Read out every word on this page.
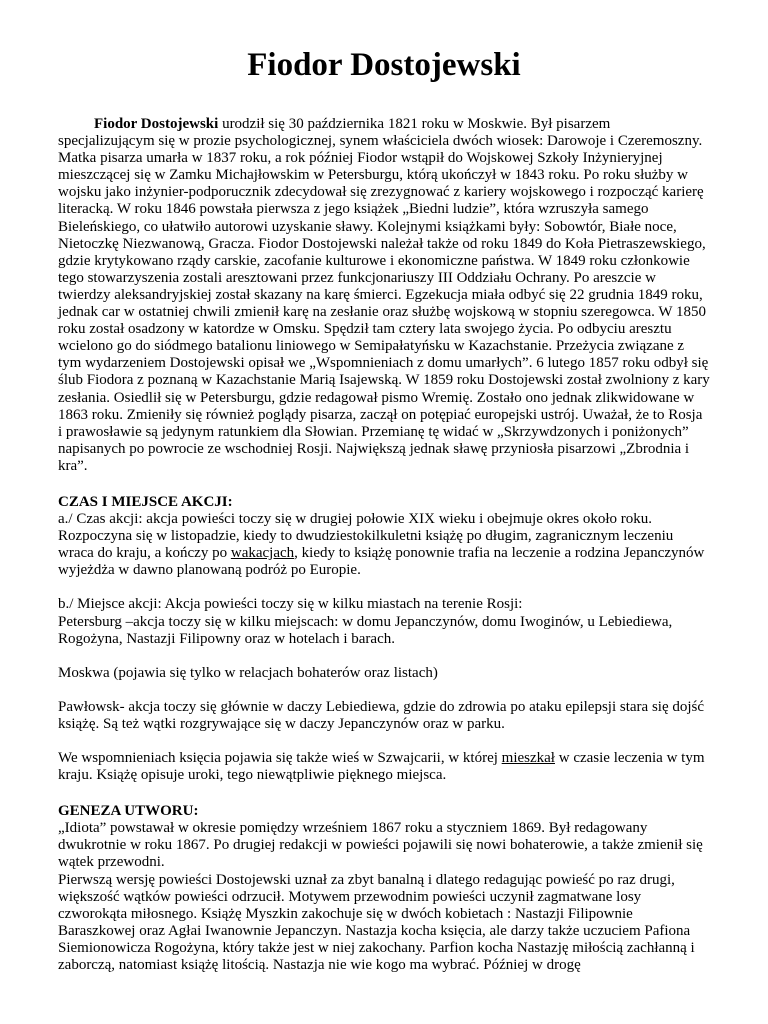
Fiodor Dostojewski

Fiodor Dostojewski urodził się 30 października 1821 roku w Moskwie. Był pisarzem specjalizującym się w prozie psychologicznej, synem właściciela dwóch wiosek: Darowoje i Czeremoszny. Matka pisarza umarła w 1837 roku, a rok później Fiodor wstąpił do Wojskowej Szkoły Inżynieryjnej mieszczącej się w Zamku Michajłowskim w Petersburgu, którą ukończył w 1843 roku. Po roku służby w wojsku jako inżynier-podporucznik zdecydował się zrezygnować z kariery wojskowego i rozpocząć karierę literacką. W roku 1846 powstała pierwsza z jego książek „Biedni ludzie”, która wzruszyła samego Bieleńskiego, co ułatwiło autorowi uzyskanie sławy. Kolejnymi książkami były: Sobowtór, Białe noce, Nietoczkę Niezwanową, Gracza. Fiodor Dostojewski należał także od roku 1849 do Koła Pietraszewskiego, gdzie krytykowano rządy carskie, zacofanie kulturowe i ekonomiczne państwa. W 1849 roku członkowie tego stowarzyszenia zostali aresztowani przez funkcjonariuszy III Oddziału Ochrany. Po areszcie w twierdzy aleksandryjskiej został skazany na karę śmierci. Egzekucja miała odbyć się 22 grudnia 1849 roku, jednak car w ostatniej chwili zmienił karę na zesłanie oraz służbę wojskową w stopniu szeregowca. W 1850 roku został osadzony w katordze w Omsku. Spędził tam cztery lata swojego życia. Po odbyciu aresztu wcielono go do siódmego batalionu liniowego w Semipałatyńsku w Kazachstanie. Przeżycia związane z tym wydarzeniem Dostojewski opisał we „Wspomnieniach z domu umarłych”. 6 lutego 1857 roku odbył się ślub Fiodora z poznaną w Kazachstanie Marią Isajewską. W 1859 roku Dostojewski został zwolniony z kary zesłania. Osiedlił się w Petersburgu, gdzie redagował pismo Wremię. Zostało ono jednak zlikwidowane w 1863 roku. Zmieniły się również poglądy pisarza, zaczął on potępiać europejski ustrój. Uważał, że to Rosja i prawosławie są jedynym ratunkiem dla Słowian. Przemianę tę widać w „Skrzywdzonych i poniżonych” napisanych po powrocie ze wschodniej Rosji. Największą jednak sławę przyniosła pisarzowi „Zbrodnia i kra”.

CZAS I MIEJSCE AKCJI:

a./ Czas akcji: akcja powieści toczy się w drugiej połowie XIX wieku i obejmuje okres około roku. Rozpoczyna się w listopadzie, kiedy to dwudziestokilkuletni książę po długim, zagranicznym leczeniu wraca do kraju, a kończy po wakacjach, kiedy to książę ponownie trafia na leczenie a rodzina Jepanczynów wyjeżdża w dawno planowaną podróż po Europie.

b./ Miejsce akcji: Akcja powieści toczy się w kilku miastach na terenie Rosji:

Petersburg –akcja toczy się w kilku miejscach: w domu Jepanczynów, domu Iwoginów, u Lebiediewa, Rogożyna, Nastazji Filipowny oraz w hotelach i barach.

Moskwa (pojawia się tylko w relacjach bohaterów oraz listach)

Pawłowsk- akcja toczy się głównie w daczy Lebiediewa, gdzie do zdrowia po ataku epilepsji stara się dojść książę. Są też wątki rozgrywające się w daczy Jepanczynów oraz w parku.

We wspomnieniach księcia pojawia się także wieś w Szwajcarii, w której mieszkał w czasie leczenia w tym kraju. Książę opisuje uroki, tego niewątpliwie pięknego miejsca.

GENEZA UTWORU:

„Idiota” powstawał w okresie pomiędzy wrześniem 1867 roku a styczniem 1869. Był redagowany dwukrotnie w roku 1867. Po drugiej redakcji w powieści pojawili się nowi bohaterowie, a także zmienił się wątek przewodni.

Pierwszą wersję powieści Dostojewski uznał za zbyt banalną i dlatego redagując powieść po raz drugi, większość wątków powieści odrzucił. Motywem przewodnim powieści uczynił zagmatwane losy czworokąta miłosnego. Książę Myszkin zakochuje się w dwóch kobietach : Nastazji Filipownie Baraszkowej oraz Agłai Iwanownie Jepanczyn. Nastazja kocha księcia, ale darzy także uczuciem Pafiona Siemionowicza Rogożyna, który także jest w niej zakochany. Parfion kocha Nastazję miłością zachłanną i zaborczą, natomiast książę litością. Nastazja nie wie kogo ma wybrać. Później w drogę
